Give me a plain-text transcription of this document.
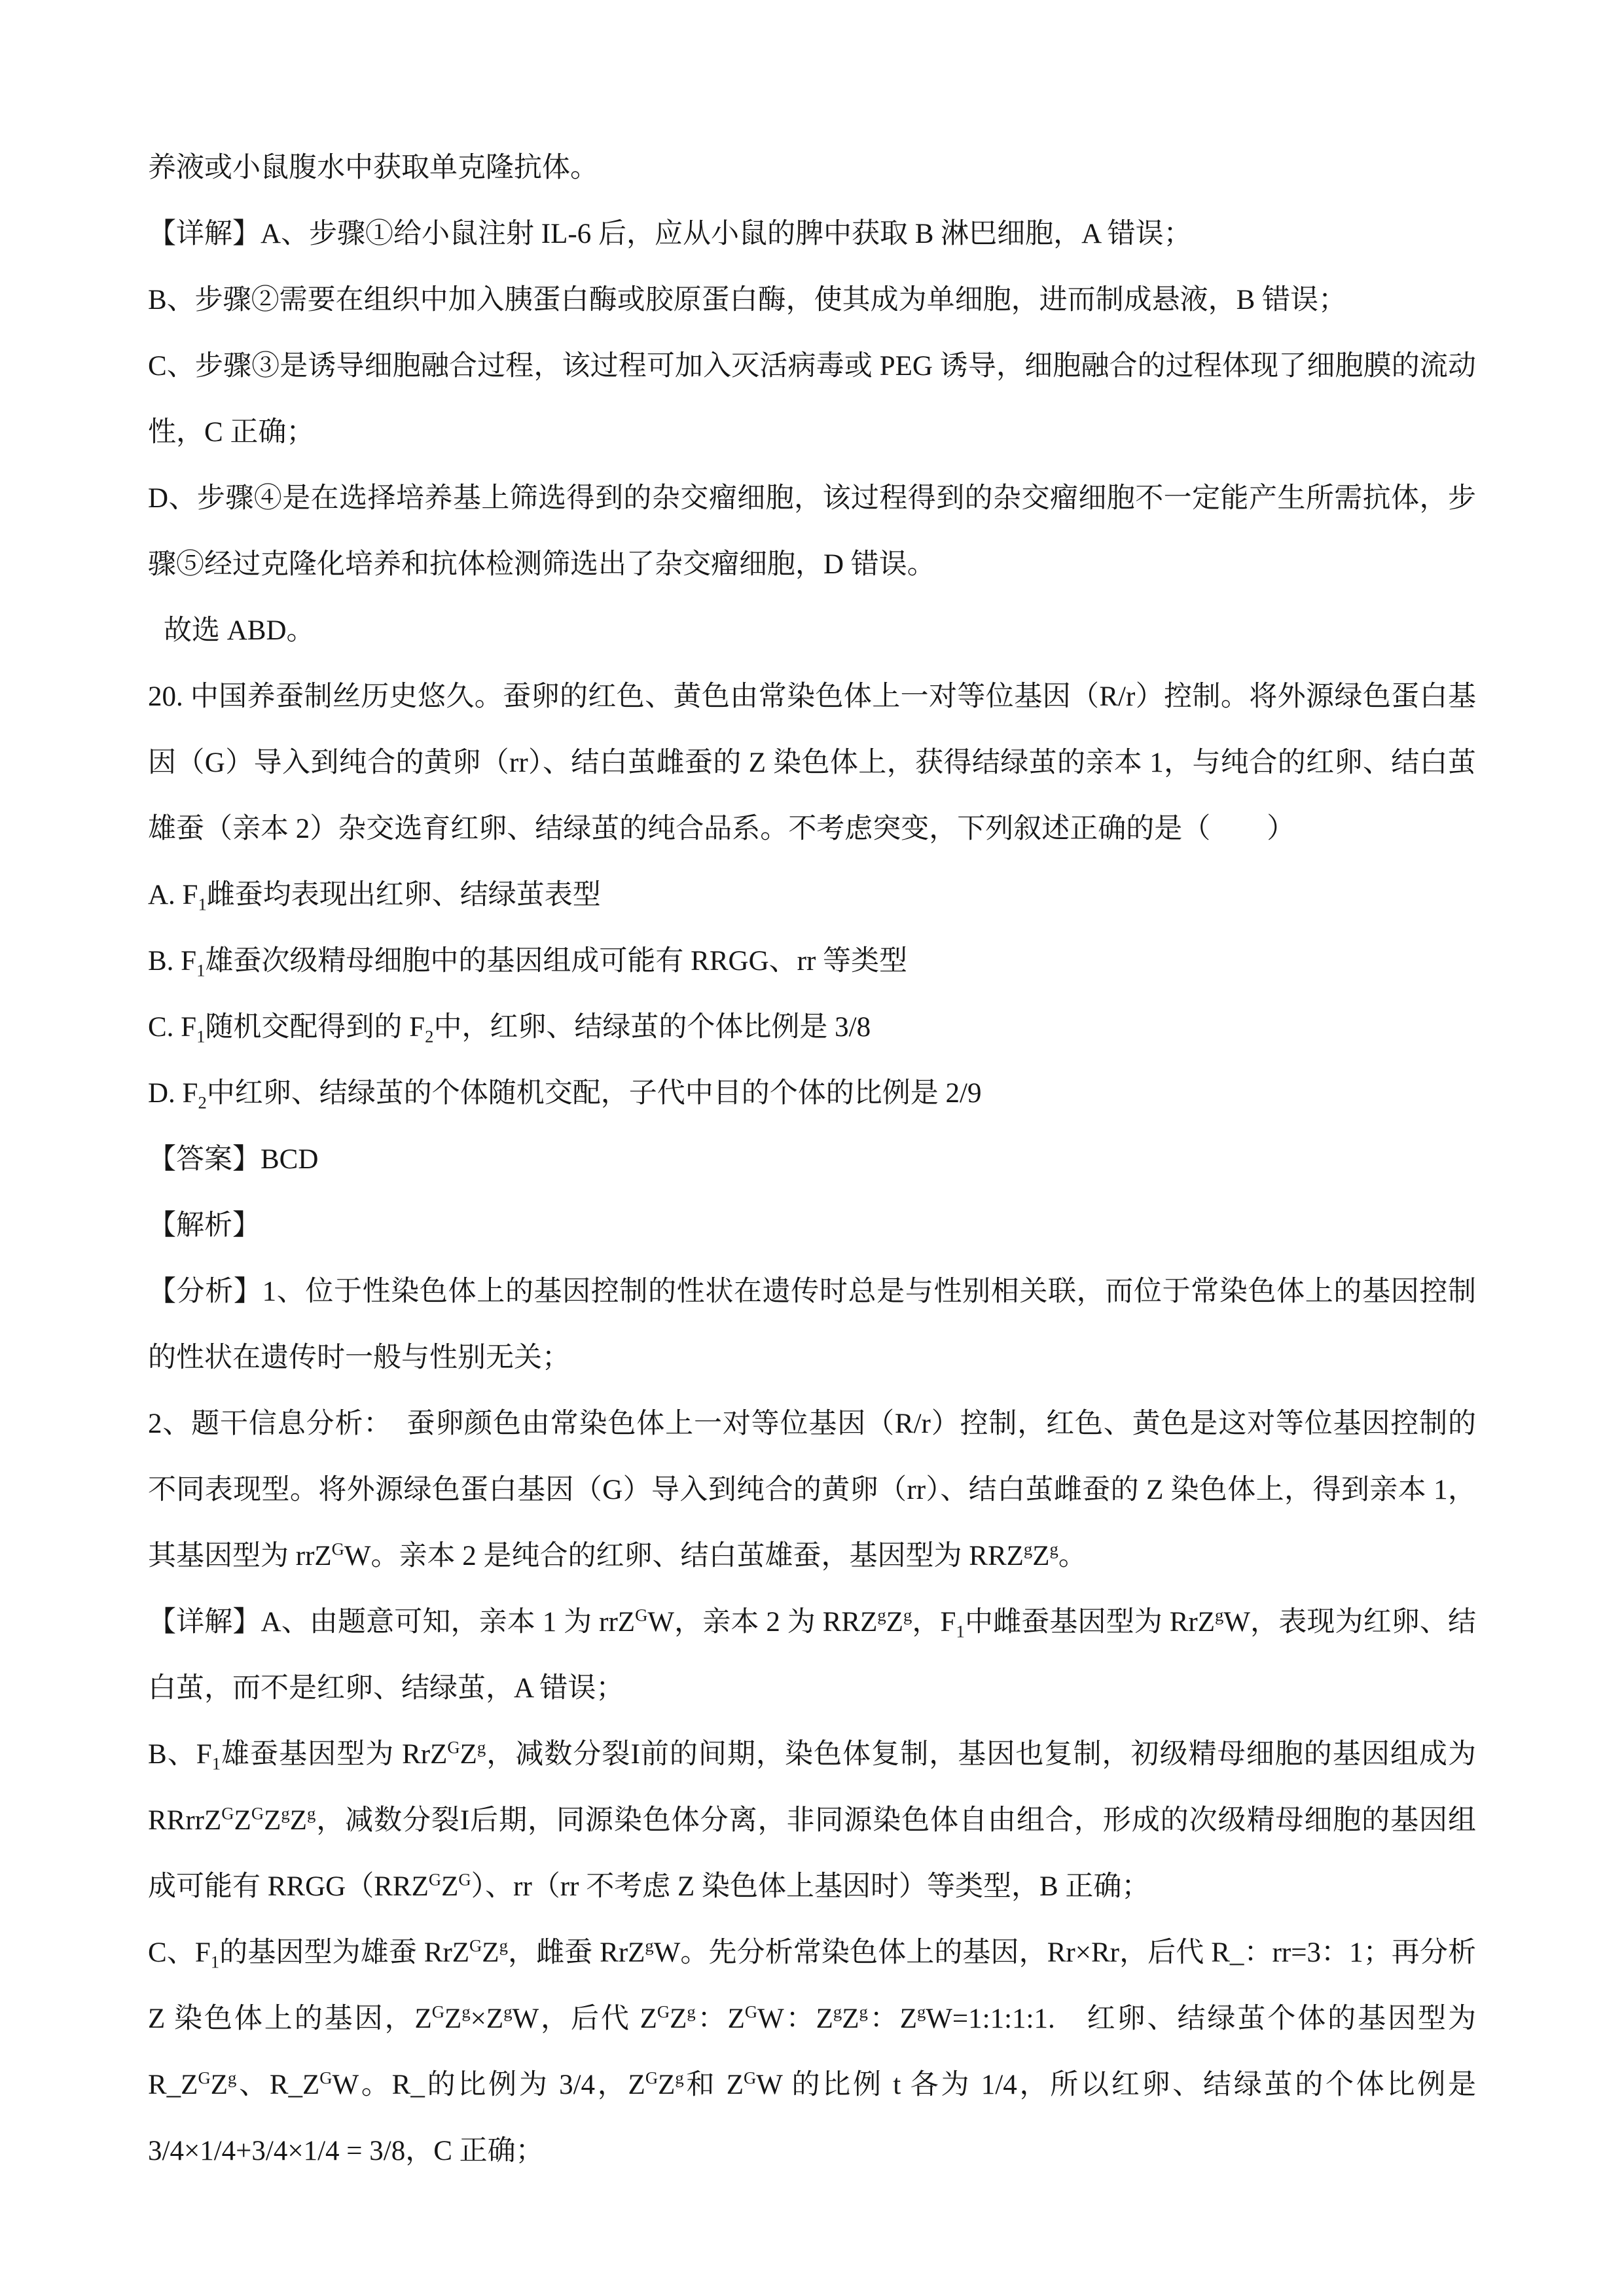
养液或小鼠腹水中获取单克隆抗体。

【详解】A、步骤①给小鼠注射 IL-6 后，应从小鼠的脾中获取 B 淋巴细胞，A 错误；

B、步骤②需要在组织中加入胰蛋白酶或胶原蛋白酶，使其成为单细胞，进而制成悬液，B 错误；

C、步骤③是诱导细胞融合过程，该过程可加入灭活病毒或 PEG 诱导，细胞融合的过程体现了细胞膜的流动性，C 正确；

D、步骤④是在选择培养基上筛选得到的杂交瘤细胞，该过程得到的杂交瘤细胞不一定能产生所需抗体，步骤⑤经过克隆化培养和抗体检测筛选出了杂交瘤细胞，D 错误。

故选 ABD。

20. 中国养蚕制丝历史悠久。蚕卵的红色、黄色由常染色体上一对等位基因（R/r）控制。将外源绿色蛋白基因（G）导入到纯合的黄卵（rr）、结白茧雌蚕的 Z 染色体上，获得结绿茧的亲本 1，与纯合的红卵、结白茧雄蚕（亲本 2）杂交选育红卵、结绿茧的纯合品系。不考虑突变，下列叙述正确的是（　　）

A. $F_1$雌蚕均表现出红卵、结绿茧表型

B. $F_1$雄蚕次级精母细胞中的基因组成可能有 RRGG、rr 等类型

C. $F_1$随机交配得到的 $F_2$中，红卵、结绿茧的个体比例是 3/8

D. $F_2$中红卵、结绿茧的个体随机交配，子代中目的个体的比例是 2/9

【答案】BCD

【解析】

【分析】1、位于性染色体上的基因控制的性状在遗传时总是与性别相关联，而位于常染色体上的基因控制的性状在遗传时一般与性别无关；

2、题干信息分析：　蚕卵颜色由常染色体上一对等位基因（R/r）控制，红色、黄色是这对等位基因控制的不同表现型。将外源绿色蛋白基因（G）导入到纯合的黄卵（rr）、结白茧雌蚕的 Z 染色体上，得到亲本 1，其基因型为 rrZ$^G$W。亲本 2 是纯合的红卵、结白茧雄蚕，基因型为 $RRZ^gZ^g$。

【详解】A、由题意可知，亲本 1 为 rrZ$^G$W，亲本 2 为 $RRZ^gZ^g$，$F_1$中雌蚕基因型为 RrZ$^g$W，表现为红卵、结白茧，而不是红卵、结绿茧，A 错误；

B、$F_1$雄蚕基因型为 $RrZ^GZ^g$，减数分裂I前的间期，染色体复制，基因也复制，初级精母细胞的基因组成为 $RRrrZ^GZ^GZ^gZ^g$，减数分裂I后期，同源染色体分离，非同源染色体自由组合，形成的次级精母细胞的基因组成可能有 $RRGG(RRZ^GZ^G)$、rr（rr 不考虑 Z 染色体上基因时）等类型，B 正确；

C、$F_1$的基因型为雄蚕 $RrZ^GZ^g$，雌蚕 RrZ$^g$W。先分析常染色体上的基因，Rr×Rr，后代 R_：rr=3：1；再分析 Z 染色体上的基因，$Z^GZ^g\times Z^gW$，后代 $Z^GZ^g$：$Z^GW$：$Z^gZ^g$：$Z^gW=1:1:1:1$.　红卵、结绿茧个体的基因型为 $R\_Z^GZ^g$、$R\_Z^GW$。R_的比例为 3/4，$Z^GZ^g$和 $Z^GW$ 的比例 t 各为 1/4，所以红卵、结绿茧的个体比例是 3/4×1/4+3/4×1/4 = 3/8，C 正确；
